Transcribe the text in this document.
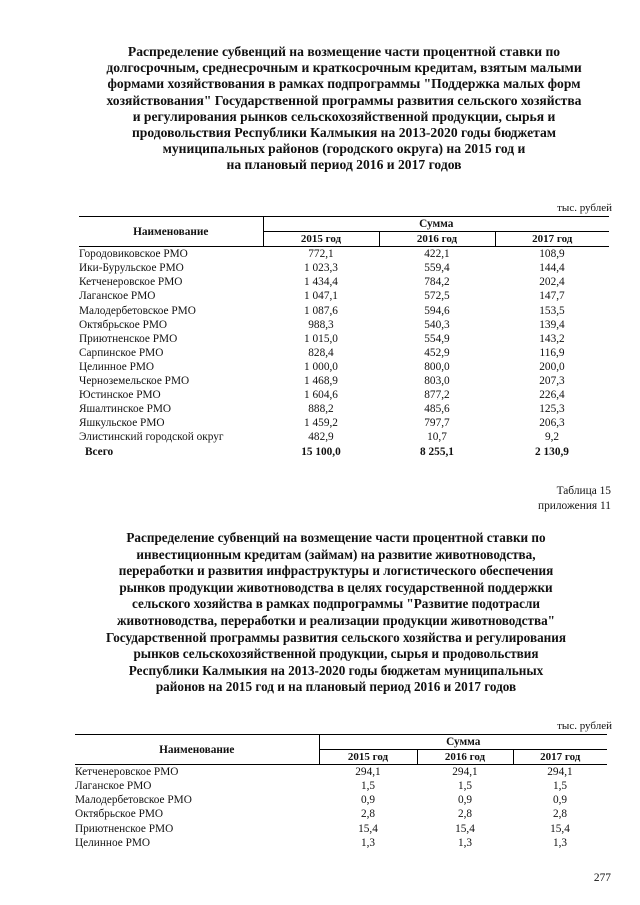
Распределение субвенций на возмещение части процентной ставки по
долгосрочным, среднесрочным и краткосрочным кредитам, взятым малыми
формами хозяйствования в рамках подпрограммы "Поддержка малых форм
хозяйствования" Государственной программы развития сельского хозяйства
и регулирования рынков сельскохозяйственной продукции, сырья и
продовольствия Республики Калмыкия на 2013-2020 годы бюджетам
муниципальных районов (городского округа) на 2015 год и
на плановый период 2016 и 2017 годов
тыс. рублей
Наименование	Сумма		
	2015 год	2016 год	2017 год
Городовиковское РМО	772,1	422,1	108,9
Ики-Бурульское РМО	1 023,3	559,4	144,4
Кетченеровское РМО	1 434,4	784,2	202,4
Лаганское РМО	1 047,1	572,5	147,7
Малодербетовское РМО	1 087,6	594,6	153,5
Октябрьское РМО	988,3	540,3	139,4
Приютненское РМО	1 015,0	554,9	143,2
Сарпинское РМО	828,4	452,9	116,9
Целинное РМО	1 000,0	800,0	200,0
Черноземельское РМО	1 468,9	803,0	207,3
Юстинское РМО	1 604,6	877,2	226,4
Яшалтинское РМО	888,2	485,6	125,3
Яшкульское РМО	1 459,2	797,7	206,3
Элистинский городской округ	482,9	10,7	9,2
Всего	15 100,0	8 255,1	2 130,9
Таблица 15
приложения 11
Распределение субвенций на возмещение части процентной ставки по
инвестиционным кредитам (займам) на развитие животноводства,
переработки и развития инфраструктуры и логистического обеспечения
рынков продукции животноводства в целях государственной поддержки
сельского хозяйства в рамках подпрограммы "Развитие подотрасли
животноводства, переработки и реализации продукции животноводства"
Государственной программы развития сельского хозяйства и регулирования
рынков сельскохозяйственной продукции, сырья и продовольствия
Республики Калмыкия на 2013-2020 годы бюджетам муниципальных
районов на 2015 год и на плановый период 2016 и 2017 годов
тыс. рублей
Наименование	Сумма		
	2015 год	2016 год	2017 год
Кетченеровское РМО	294,1	294,1	294,1
Лаганское РМО	1,5	1,5	1,5
Малодербетовское РМО	0,9	0,9	0,9
Октябрьское РМО	2,8	2,8	2,8
Приютненское РМО	15,4	15,4	15,4
Целинное РМО	1,3	1,3	1,3
277
